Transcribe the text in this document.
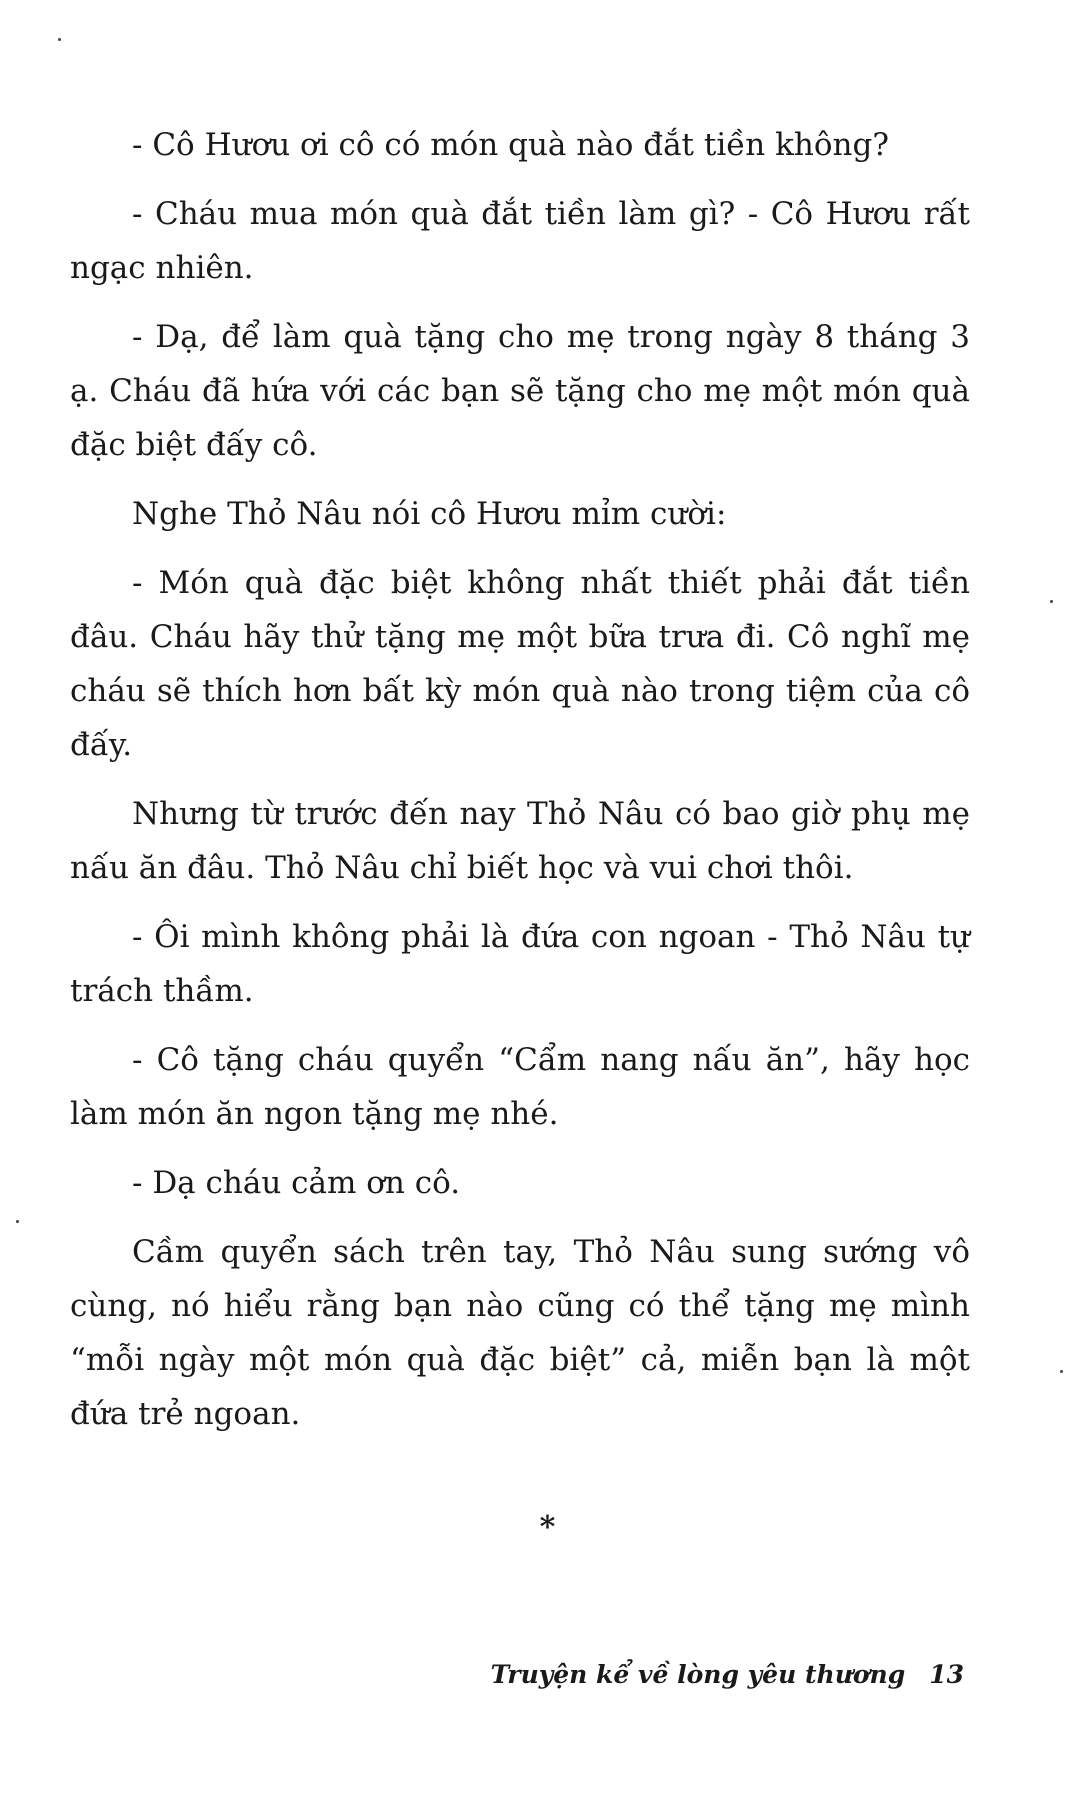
- Cô Hươu ơi cô có món quà nào đắt tiền không?

- Cháu mua món quà đắt tiền làm gì? - Cô Hươu rất ngạc nhiên.

- Dạ, để làm quà tặng cho mẹ trong ngày 8 tháng 3 ạ. Cháu đã hứa với các bạn sẽ tặng cho mẹ một món quà đặc biệt đấy cô.

Nghe Thỏ Nâu nói cô Hươu mỉm cười:

- Món quà đặc biệt không nhất thiết phải đắt tiền đâu. Cháu hãy thử tặng mẹ một bữa trưa đi. Cô nghĩ mẹ cháu sẽ thích hơn bất kỳ món quà nào trong tiệm của cô đấy.

Nhưng từ trước đến nay Thỏ Nâu có bao giờ phụ mẹ nấu ăn đâu. Thỏ Nâu chỉ biết học và vui chơi thôi.

- Ôi mình không phải là đứa con ngoan - Thỏ Nâu tự trách thầm.

- Cô tặng cháu quyển “Cẩm nang nấu ăn”, hãy học làm món ăn ngon tặng mẹ nhé.

- Dạ cháu cảm ơn cô.

Cầm quyển sách trên tay, Thỏ Nâu sung sướng vô cùng, nó hiểu rằng bạn nào cũng có thể tặng mẹ mình “mỗi ngày một món quà đặc biệt” cả, miễn bạn là một đứa trẻ ngoan.

*
Truyện kể về lòng yêu thương 13
